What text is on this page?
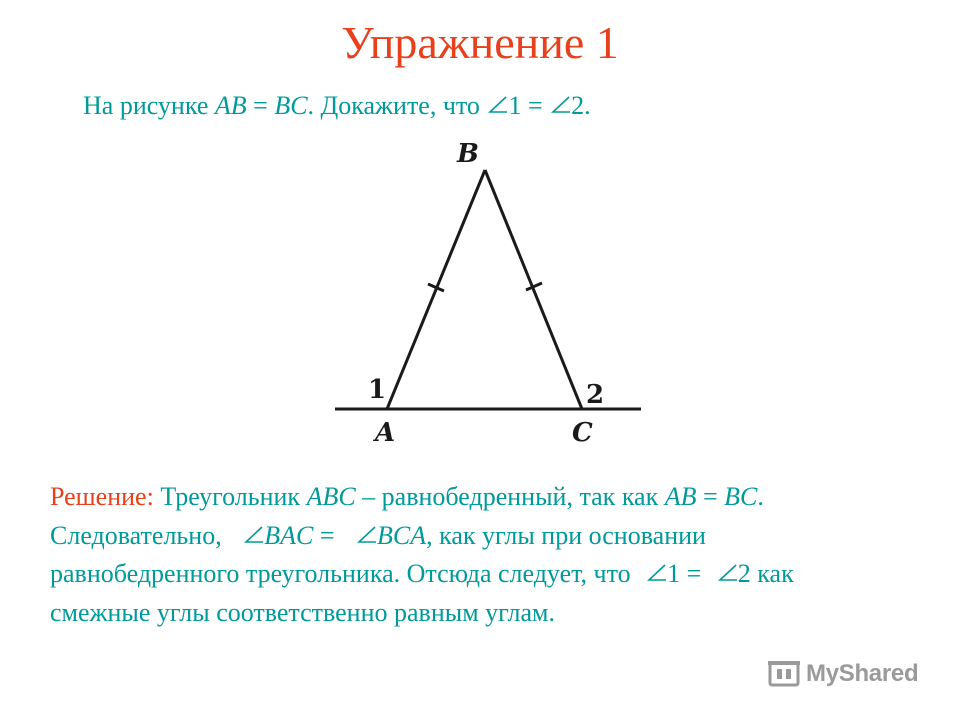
Упражнение 1
На рисунке AB = BC. Докажите, что 1 = 2.
B
A	C
1	2
Решение: Треугольник ABC – равнобедренный, так как AB = BC.
Следовательно, BAC =
BCA, как углы при основании
равнобедренного треугольника. Отсюда следует, что 1 =
2 как
смежные углы соответственно равным углам.
MyShared
